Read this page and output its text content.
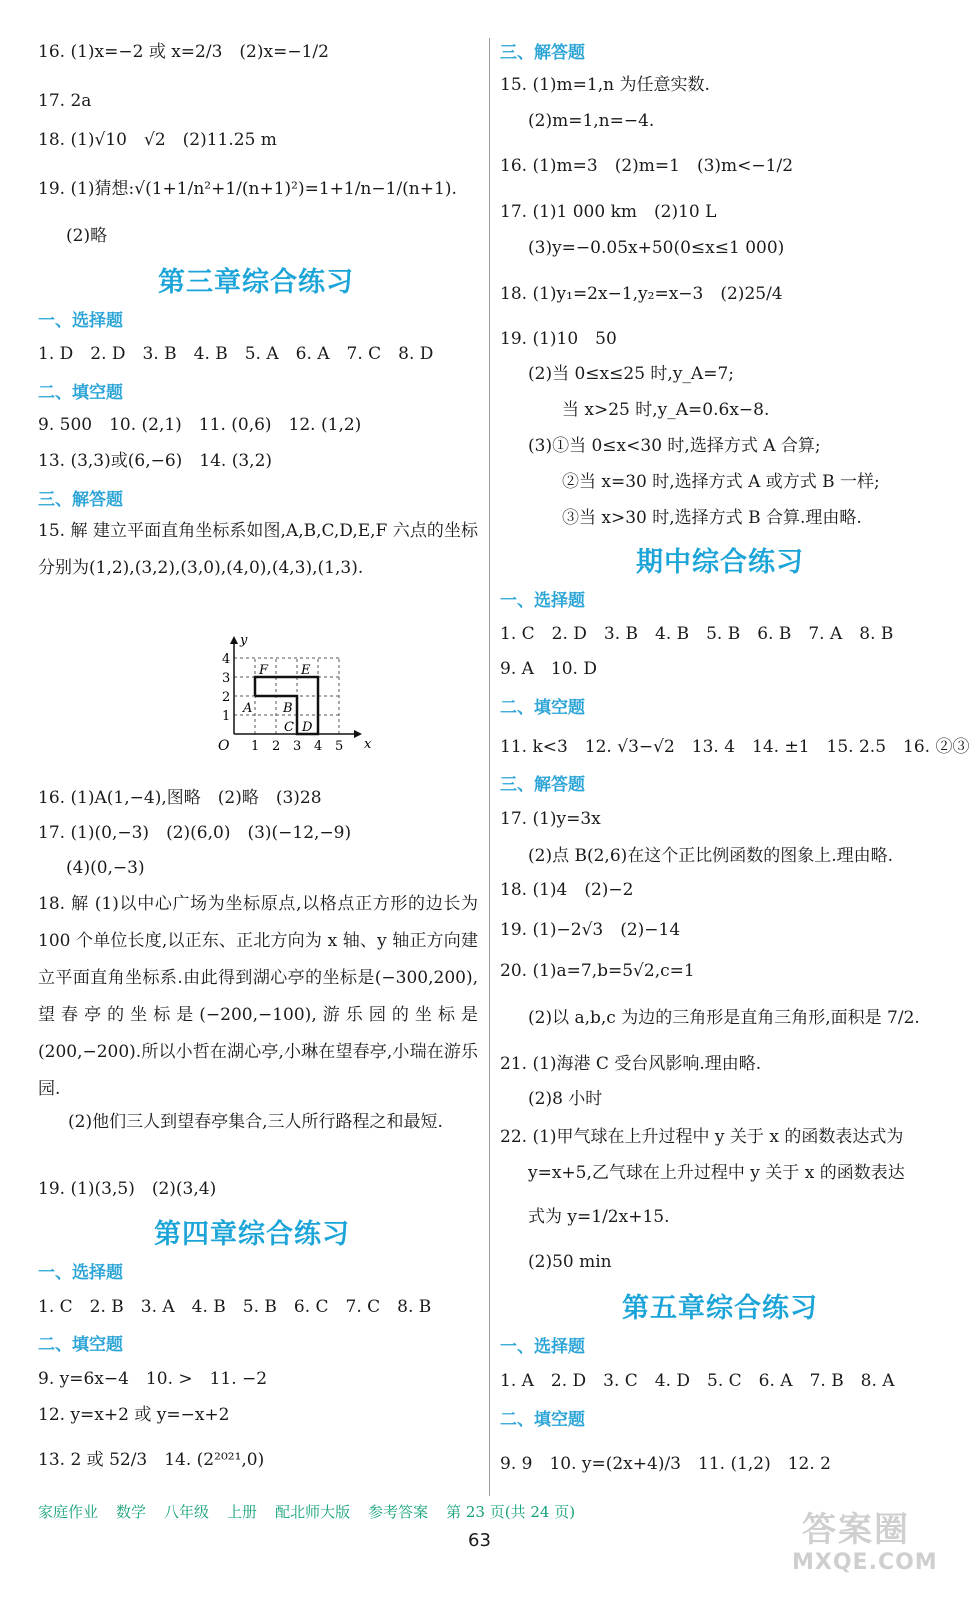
16. (1)x=−2 或 x=2/3　(2)x=−1/2
17. 2a
18. (1)√10　√2　(2)11.25 m
19. (1)猜想:√(1+1/n²+1/(n+1)²)=1+1/n−1/(n+1).
(2)略
第三章综合练习
一、选择题
1. D　2. D　3. B　4. B　5. A　6. A　7. C　8. D
二、填空题
9. 500　10. (2,1)　11. (0,6)　12. (1,2)
13. (3,3)或(6,−6)　14. (3,2)
三、解答题
15. 解 建立平面直角坐标系如图,A,B,C,D,E,F 六点的坐标分别为(1,2),(3,2),(3,0),(4,0),(4,3),(1,3).
y
x
O 1 2 3 4 5
1
2
3
4
A B
C D
E
F
16. (1)A(1,−4),图略　(2)略　(3)28
17. (1)(0,−3)　(2)(6,0)　(3)(−12,−9)
(4)(0,−3)
18. 解 (1)以中心广场为坐标原点,以格点正方形的边长为 100 个单位长度,以正东、正北方向为 x 轴、y 轴正方向建立平面直角坐标系.由此得到湖心亭的坐标是(−300,200),望春亭的坐标是(−200,−100),游乐园的坐标是(200,−200).所以小哲在湖心亭,小琳在望春亭,小瑞在游乐园.
(2)他们三人到望春亭集合,三人所行路程之和最短.
19. (1)(3,5)　(2)(3,4)
第四章综合练习
一、选择题
1. C　2. B　3. A　4. B　5. B　6. C　7. C　8. B
二、填空题
9. y=6x−4　10. >　11. −2
12. y=x+2 或 y=−x+2
13. 2 或 52/3　14. (2²⁰²¹,0)
三、解答题
15. (1)m=1,n 为任意实数.
(2)m=1,n=−4.
16. (1)m=3　(2)m=1　(3)m<−1/2
17. (1)1 000 km　(2)10 L
(3)y=−0.05x+50(0≤x≤1 000)
18. (1)y₁=2x−1,y₂=x−3　(2)25/4
19. (1)10　50
(2)当 0≤x≤25 时,y_A=7;
当 x>25 时,y_A=0.6x−8.
(3)①当 0≤x<30 时,选择方式 A 合算;
②当 x=30 时,选择方式 A 或方式 B 一样;
③当 x>30 时,选择方式 B 合算.理由略.
期中综合练习
一、选择题
1. C　2. D　3. B　4. B　5. B　6. B　7. A　8. B
9. A　10. D
二、填空题
11. k<3　12. √3−√2　13. 4　14. ±1　15. 2.5　16. ②③
三、解答题
17. (1)y=3x
(2)点 B(2,6)在这个正比例函数的图象上.理由略.
18. (1)4　(2)−2
19. (1)−2√3　(2)−14
20. (1)a=7,b=5√2,c=1
(2)以 a,b,c 为边的三角形是直角三角形,面积是 7/2.
21. (1)海港 C 受台风影响.理由略.
(2)8 小时
22. (1)甲气球在上升过程中 y 关于 x 的函数表达式为
y=x+5,乙气球在上升过程中 y 关于 x 的函数表达
式为 y=1/2x+15.
(2)50 min
第五章综合练习
一、选择题
1. A　2. D　3. C　4. D　5. C　6. A　7. B　8. A
二、填空题
9. 9　10. y=(2x+4)/3　11. (1,2)　12. 2
家庭作业 数学 八年级 上册 配北师大版 参考答案 第 23 页(共 24 页)
63	答案圈
MXQE.COM
